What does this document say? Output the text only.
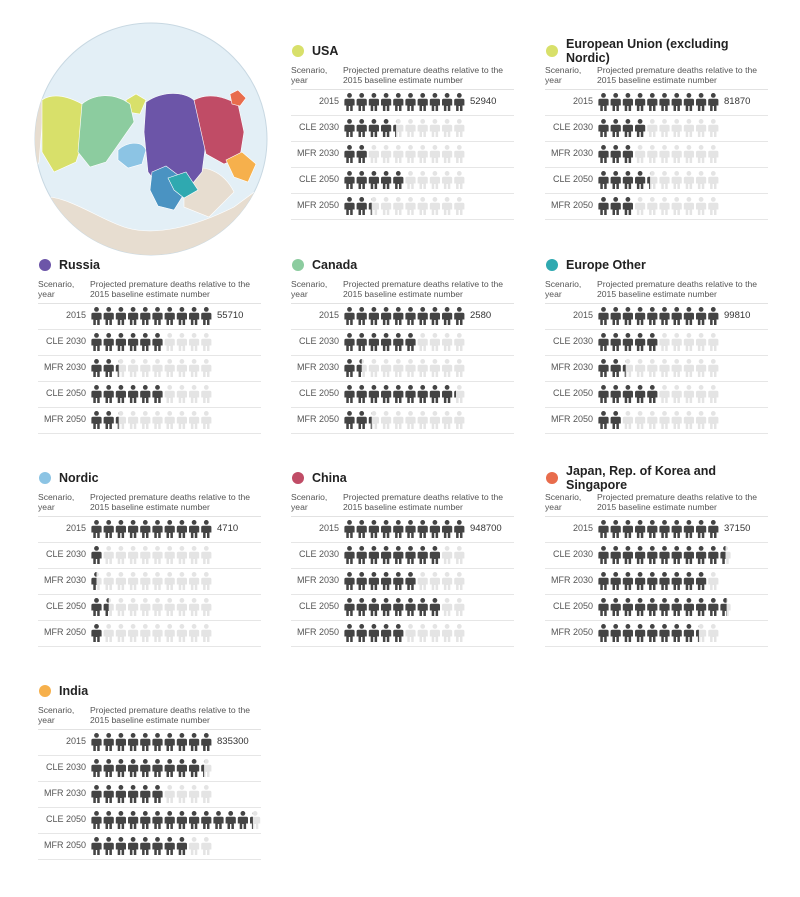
USA
Scenario, year
Projected premature deaths relative to the 2015 baseline estimate number
2015	52940
CLE 2030
MFR 2030
CLE 2050
MFR 2050
European Union (excluding Nordic)
Scenario, year
Projected premature deaths relative to the 2015 baseline estimate number
2015	81870
CLE 2030
MFR 2030
CLE 2050
MFR 2050
Russia
Scenario, year
Projected premature deaths relative to the 2015 baseline estimate number
2015	55710
CLE 2030
MFR 2030
CLE 2050
MFR 2050
Canada
Scenario, year
Projected premature deaths relative to the 2015 baseline estimate number
2015	2580
CLE 2030
MFR 2030
CLE 2050
MFR 2050
Europe Other
Scenario, year
Projected premature deaths relative to the 2015 baseline estimate number
2015	99810
CLE 2030
MFR 2030
CLE 2050
MFR 2050
Nordic
Scenario, year
Projected premature deaths relative to the 2015 baseline estimate number
2015	4710
CLE 2030
MFR 2030
CLE 2050
MFR 2050
China
Scenario, year
Projected premature deaths relative to the 2015 baseline estimate number
2015	948700
CLE 2030
MFR 2030
CLE 2050
MFR 2050
Japan, Rep. of Korea and Singapore
Scenario, year
Projected premature deaths relative to the 2015 baseline estimate number
2015	37150
CLE 2030
MFR 2030
CLE 2050
MFR 2050
India
Scenario, year
Projected premature deaths relative to the 2015 baseline estimate number
2015	835300
CLE 2030
MFR 2030
CLE 2050
MFR 2050
